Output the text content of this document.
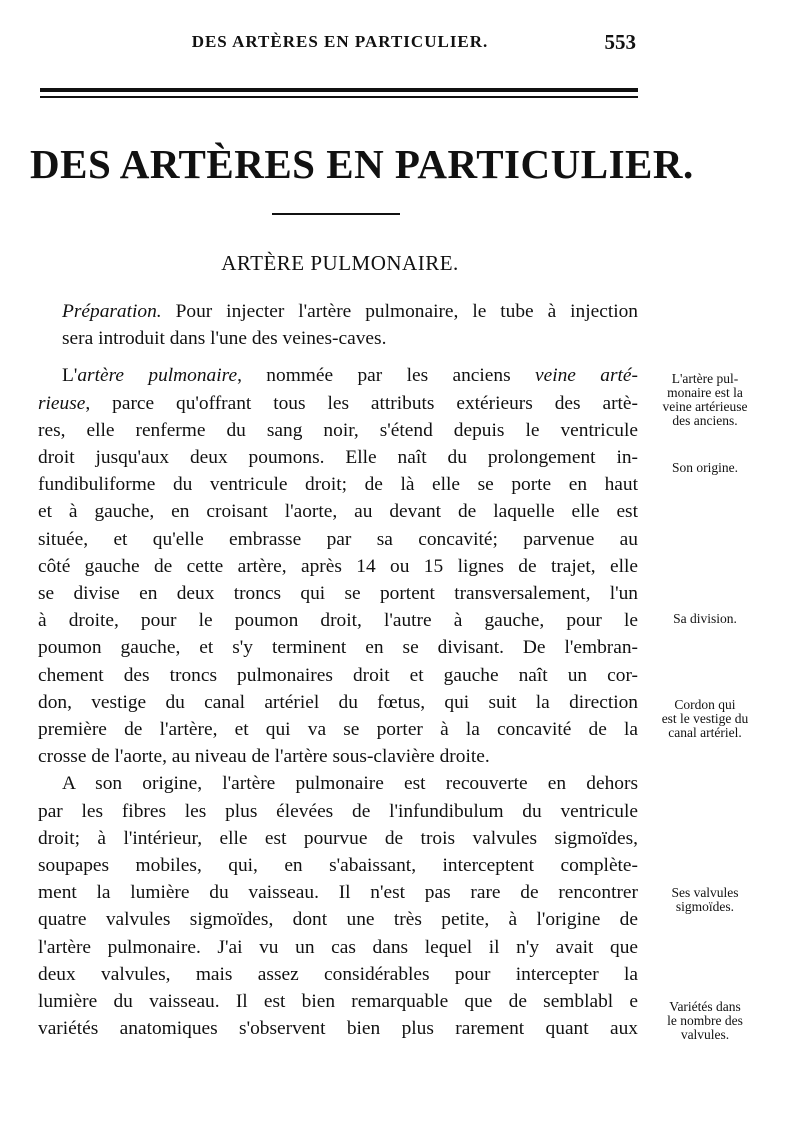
DES ARTÈRES EN PARTICULIER.	553
DES ARTÈRES EN PARTICULIER.
ARTÈRE PULMONAIRE.

Préparation. Pour injecter l'artère pulmonaire, le tube à injection
sera introduit dans l'une des veines-caves.

L'artère pulmonaire, nommée par les anciens veine arté-
rieuse, parce qu'offrant tous les attributs extérieurs des artè-
res, elle renferme du sang noir, s'étend depuis le ventricule
droit jusqu'aux deux poumons. Elle naît du prolongement in-
fundibuliforme du ventricule droit; de là elle se porte en haut
et à gauche, en croisant l'aorte, au devant de laquelle elle est
située, et qu'elle embrasse par sa concavité; parvenue au
côté gauche de cette artère, après 14 ou 15 lignes de trajet, elle
se divise en deux troncs qui se portent transversalement, l'un
à droite, pour le poumon droit, l'autre à gauche, pour le
poumon gauche, et s'y terminent en se divisant. De l'embran-
chement des troncs pulmonaires droit et gauche naît un cor-
don, vestige du canal artériel du fœtus, qui suit la direction
première de l'artère, et qui va se porter à la concavité de la
crosse de l'aorte, au niveau de l'artère sous-clavière droite.

A son origine, l'artère pulmonaire est recouverte en dehors
par les fibres les plus élevées de l'infundibulum du ventricule
droit; à l'intérieur, elle est pourvue de trois valvules sigmoïdes,
soupapes mobiles, qui, en s'abaissant, interceptent complète-
ment la lumière du vaisseau. Il n'est pas rare de rencontrer
quatre valvules sigmoïdes, dont une très petite, à l'origine de
l'artère pulmonaire. J'ai vu un cas dans lequel il n'y avait que
deux valvules, mais assez considérables pour intercepter la
lumière du vaisseau. Il est bien remarquable que de semblabl e
variétés anatomiques s'observent bien plus rarement quant aux

L'artère pul-
monaire est la
veine artérieuse
des anciens.
Son origine.
Sa division.
Cordon qui
est le vestige du
canal artériel.
Ses valvules
sigmoïdes.
Variétés dans
le nombre des
valvules.
